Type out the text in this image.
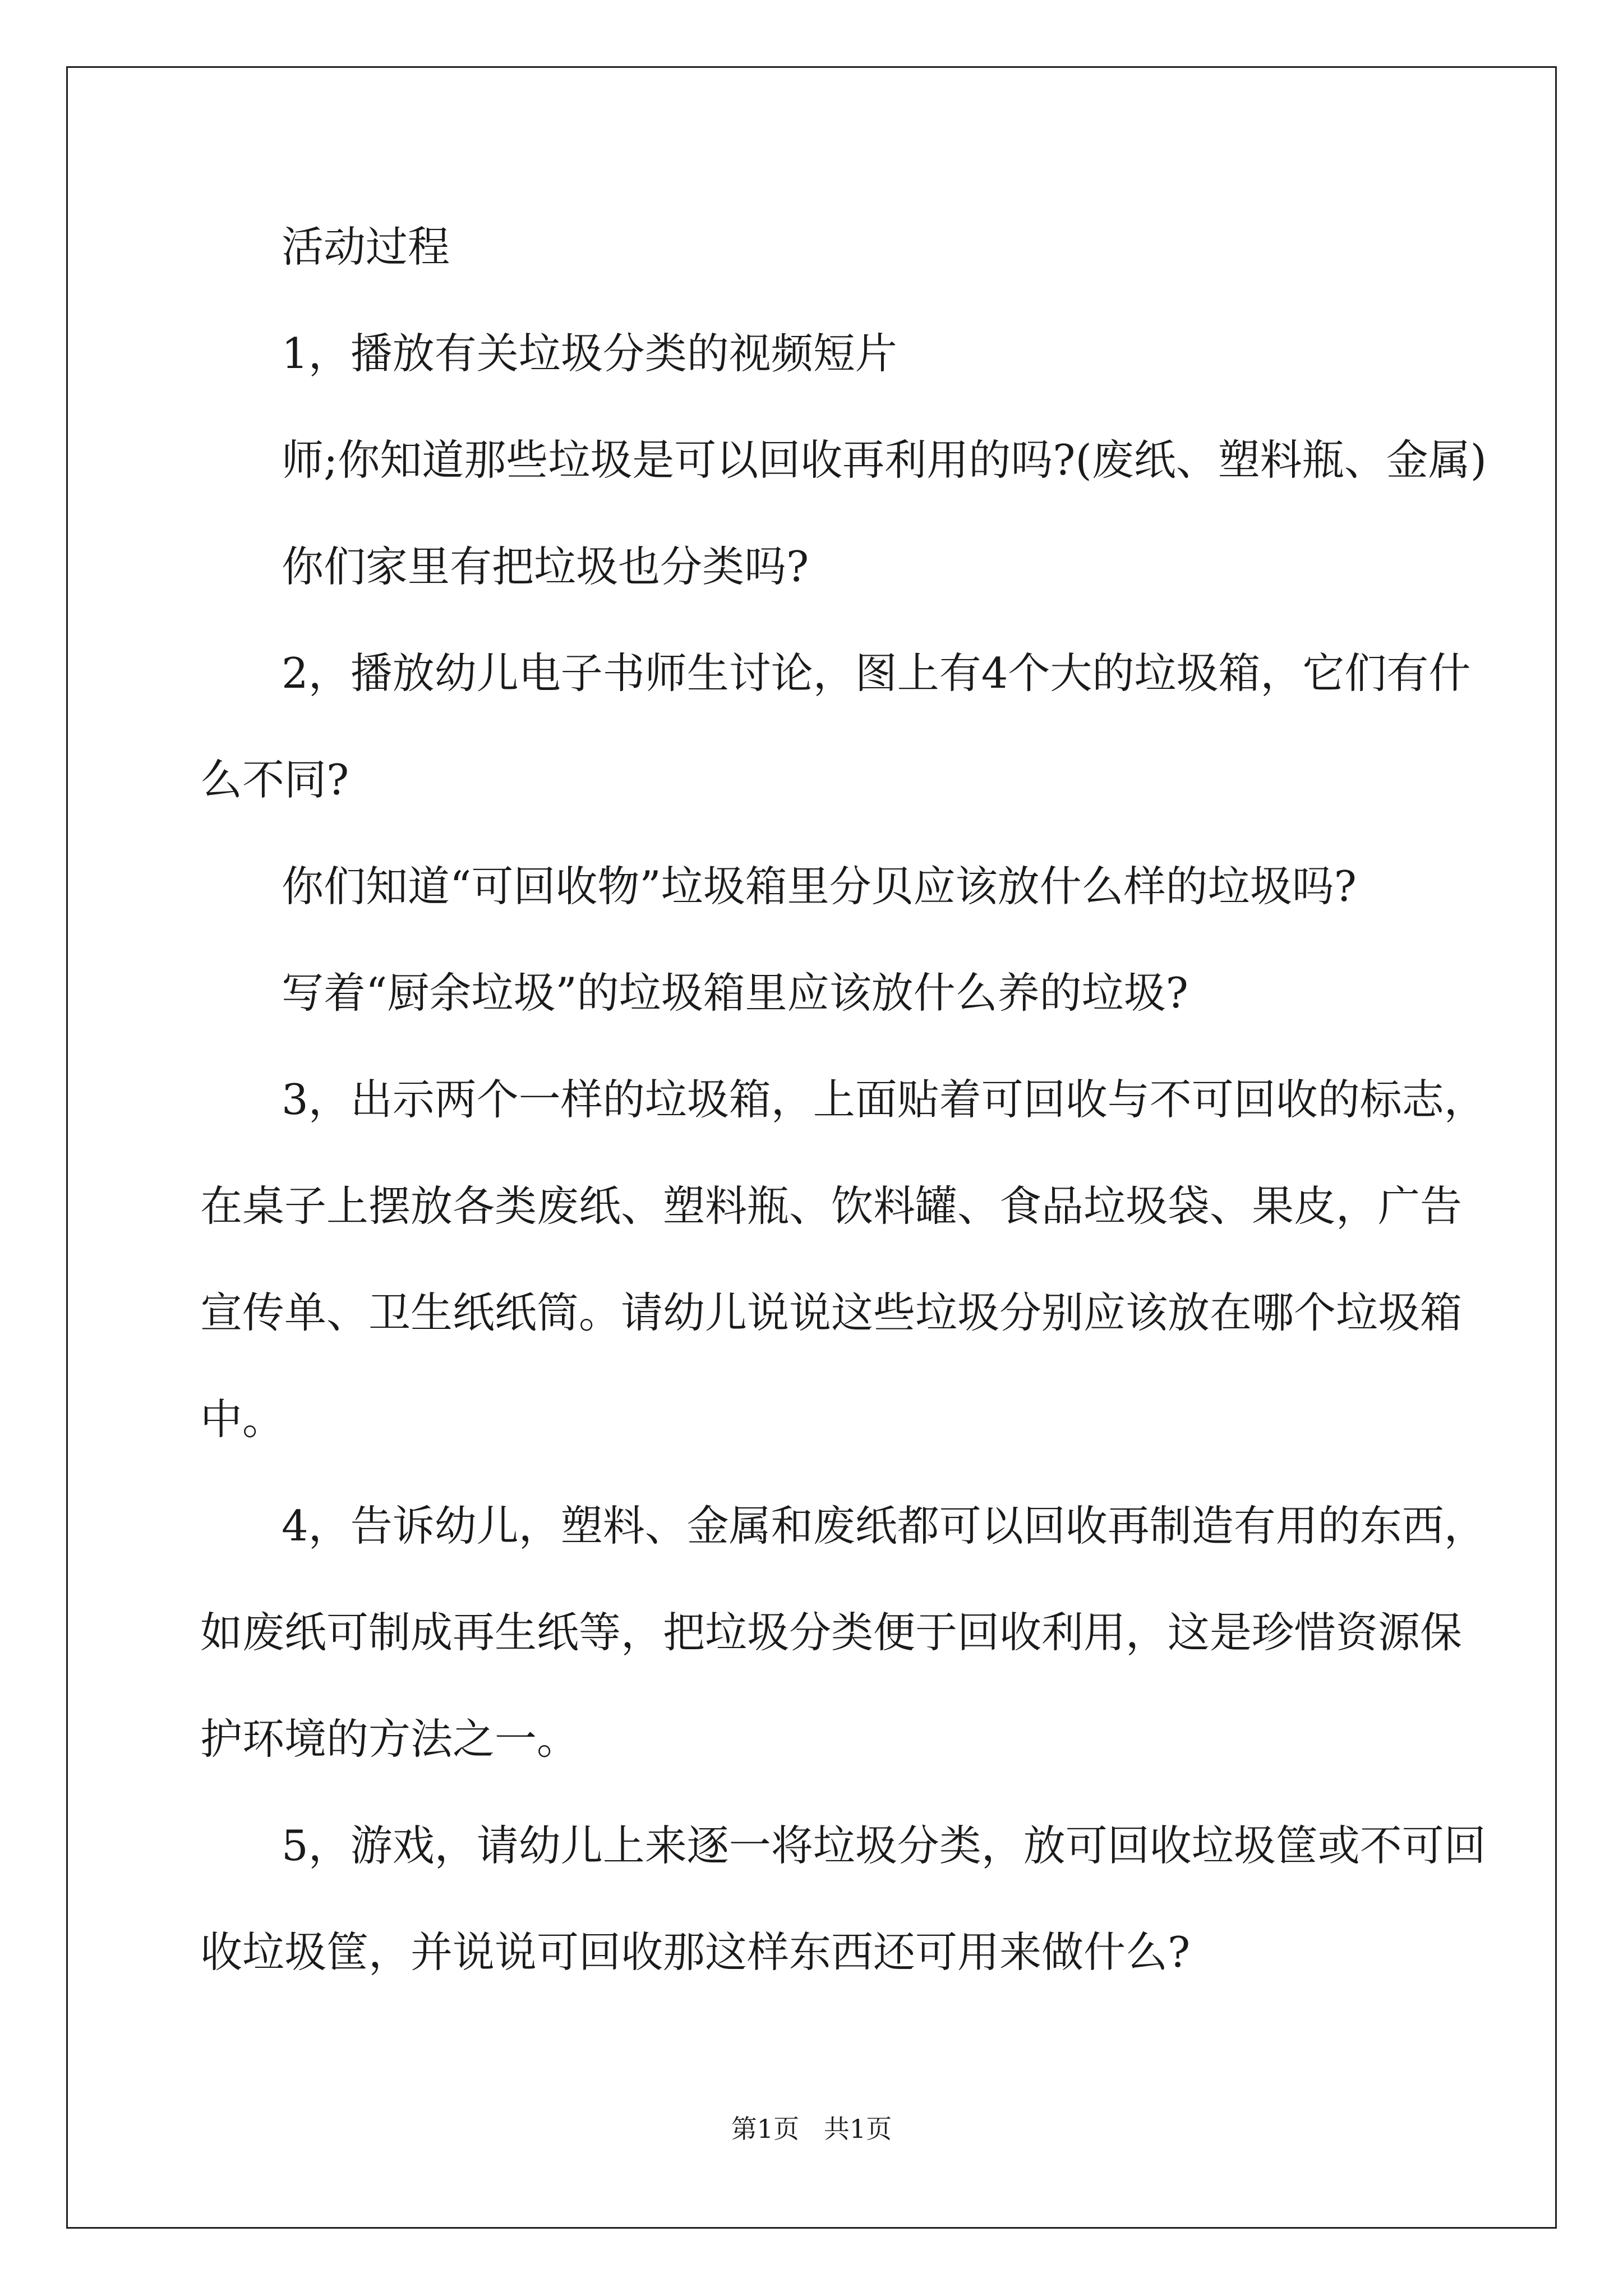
活动过程
1，播放有关垃圾分类的视频短片
师;你知道那些垃圾是可以回收再利用的吗?(废纸、塑料瓶、金属)
你们家里有把垃圾也分类吗?
2，播放幼儿电子书师生讨论，图上有4个大的垃圾箱，它们有什
么不同?
你们知道“可回收物”垃圾箱里分贝应该放什么样的垃圾吗?
写着“厨余垃圾”的垃圾箱里应该放什么养的垃圾?
3，出示两个一样的垃圾箱，上面贴着可回收与不可回收的标志，
在桌子上摆放各类废纸、塑料瓶、饮料罐、食品垃圾袋、果皮，广告
宣传单、卫生纸纸筒。请幼儿说说这些垃圾分别应该放在哪个垃圾箱
中。
4，告诉幼儿，塑料、金属和废纸都可以回收再制造有用的东西，
如废纸可制成再生纸等，把垃圾分类便于回收利用，这是珍惜资源保
护环境的方法之一。
5，游戏，请幼儿上来逐一将垃圾分类，放可回收垃圾筐或不可回
收垃圾筐，并说说可回收那这样东西还可用来做什么?
第1页   共1页
